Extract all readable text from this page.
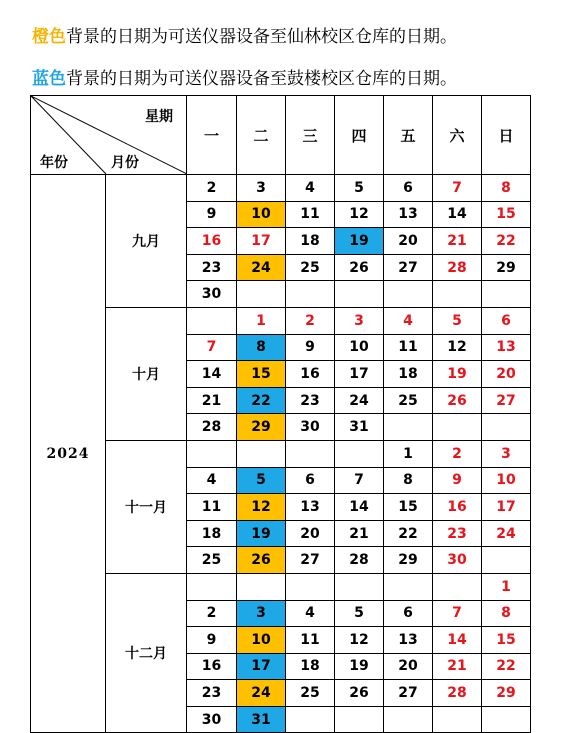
橙色背景的日期为可送仪器设备至仙林校区仓库的日期。
蓝色背景的日期为可送仪器设备至鼓楼校区仓库的日期。
星期
年份 月份		一	二	三	四	五	六	日
2024	九月	2	3	4	5	6	7	8
		9	10	11	12	13	14	15
		16	17	18	19	20	21	22
		23	24	25	26	27	28	29
		30						
	十月		1	2	3	4	5	6
		7	8	9	10	11	12	13
		14	15	16	17	18	19	20
		21	22	23	24	25	26	27
		28	29	30	31			
	十一月					1	2	3
		4	5	6	7	8	9	10
		11	12	13	14	15	16	17
		18	19	20	21	22	23	24
		25	26	27	28	29	30	
	十二月							1
		2	3	4	5	6	7	8
		9	10	11	12	13	14	15
		16	17	18	19	20	21	22
		23	24	25	26	27	28	29
		30	31					
